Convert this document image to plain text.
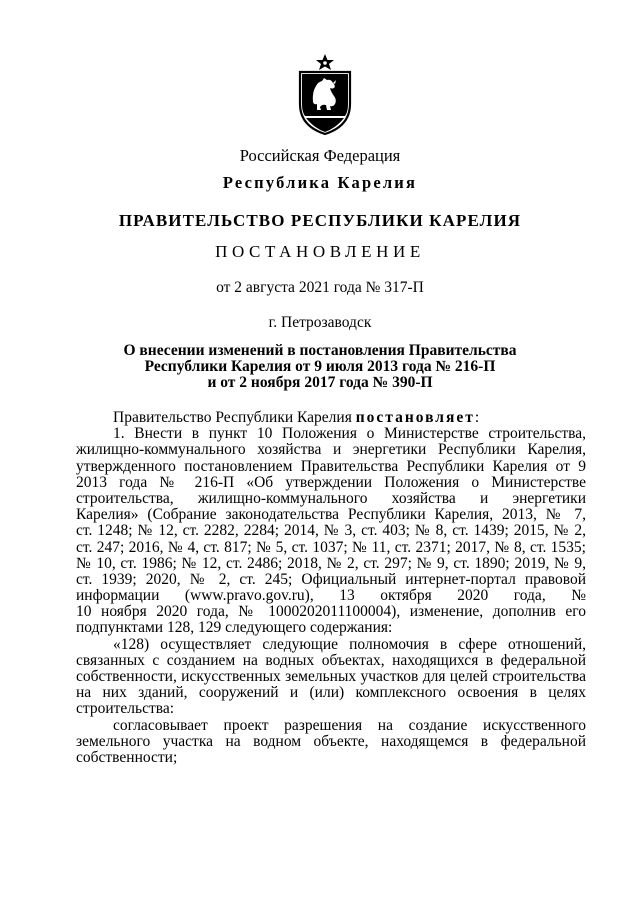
Российская Федерация
Республика Карелия
ПРАВИТЕЛЬСТВО РЕСПУБЛИКИ КАРЕЛИЯ
ПОСТАНОВЛЕНИЕ
от 2 августа 2021 года № 317-П
г. Петрозаводск
О внесении изменений в постановления Правительства
Республики Карелия от 9 июля 2013 года № 216-П
и от 2 ноября 2017 года № 390-П
Правительство Республики Карелия постановляет:
1. Внести в пункт 10 Положения о Министерстве строительства,
жилищно-коммунального хозяйства и энергетики Республики Карелия,
утвержденного постановлением Правительства Республики Карелия от 9
2013 года № 216-П «Об утверждении Положения о Министерстве
строительства, жилищно-коммунального хозяйства и энергетики
Карелия» (Собрание законодательства Республики Карелия, 2013, № 7,
ст. 1248; № 12, ст. 2282, 2284; 2014, № 3, ст. 403; № 8, ст. 1439; 2015, № 2,
ст. 247; 2016, № 4, ст. 817; № 5, ст. 1037; № 11, ст. 2371; 2017, № 8, ст. 1535;
№ 10, ст. 1986; № 12, ст. 2486; 2018, № 2, ст. 297; № 9, ст. 1890; 2019, № 9,
ст. 1939; 2020, № 2, ст. 245; Официальный интернет-портал правовой
информации (www.pravo.gov.ru), 13 октября 2020 года, №
10 ноября 2020 года, № 1000202011100004), изменение, дополнив его
подпунктами 128, 129 следующего содержания:
«128) осуществляет следующие полномочия в сфере отношений,
связанных с созданием на водных объектах, находящихся в федеральной
собственности, искусственных земельных участков для целей строительства
на них зданий, сооружений и (или) комплексного освоения в целях
строительства:
согласовывает проект разрешения на создание искусственного
земельного участка на водном объекте, находящемся в федеральной
собственности;
